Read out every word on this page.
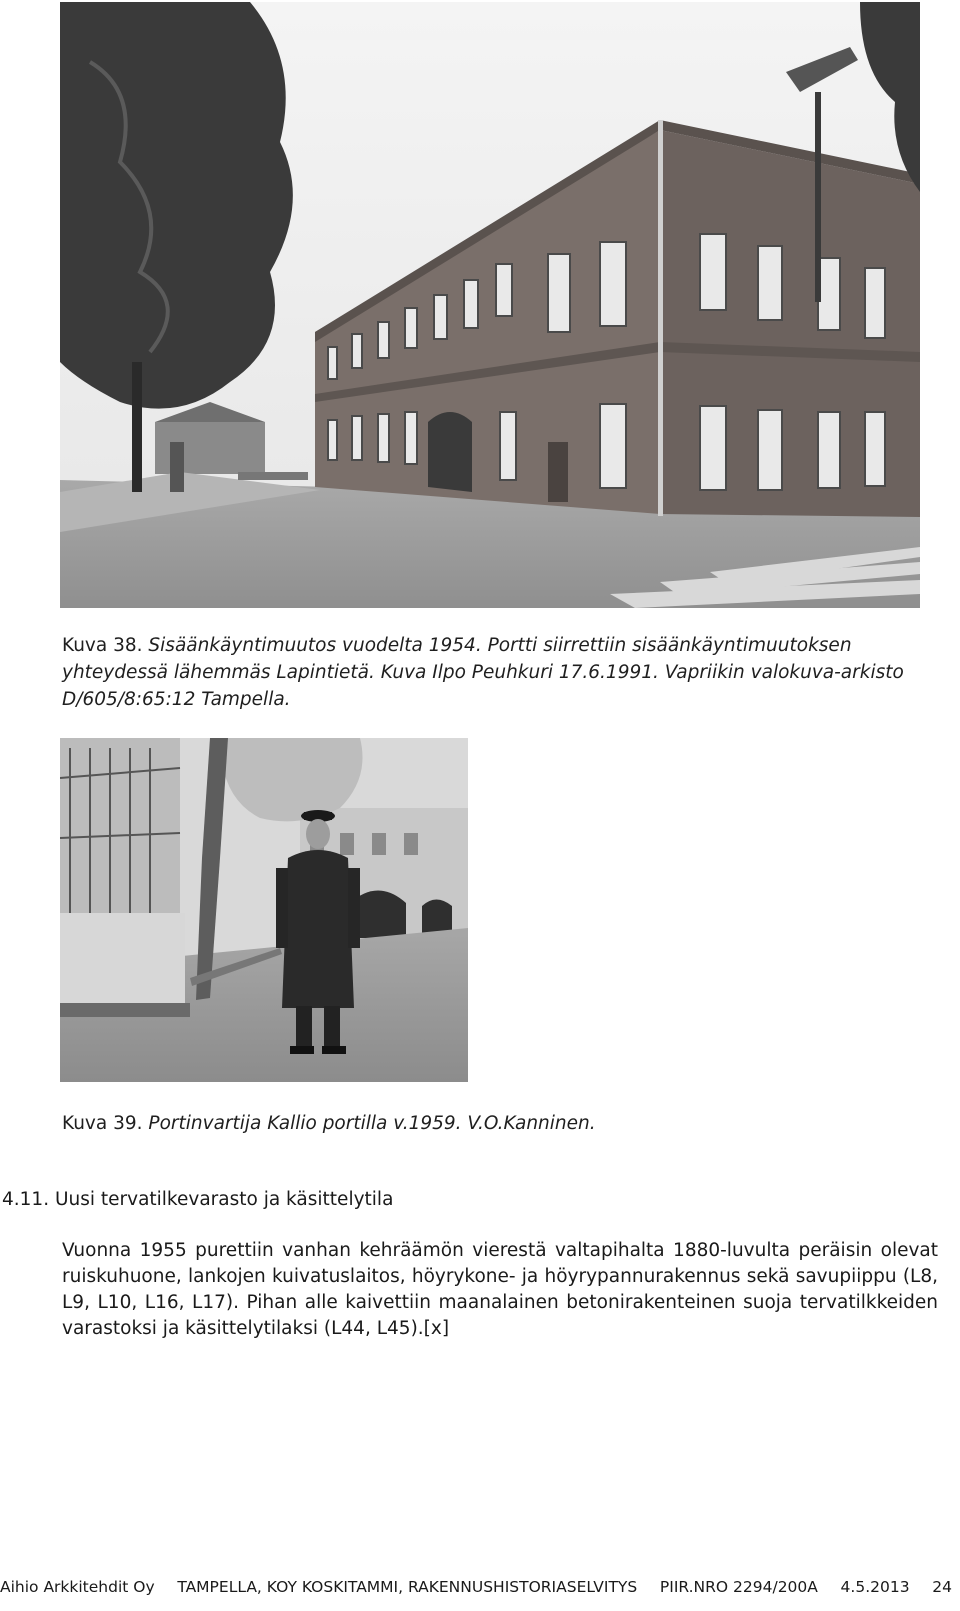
Kuva 38. Sisäänkäyntimuutos vuodelta 1954. Portti siirrettiin sisäänkäyntimuutoksen yhteydessä lähemmäs Lapintietä. Kuva Ilpo Peuhkuri 17.6.1991. Vapriikin valokuva-arkisto D/605/8:65:12 Tampella.
Kuva 39. Portinvartija Kallio portilla v.1959. V.O.Kanninen.
4.11. Uusi tervatilkevarasto ja käsittelytila
Vuonna 1955 purettiin vanhan kehräämön vierestä valtapihalta 1880-luvulta peräisin olevat ruiskuhuone, lankojen kuivatuslaitos, höyrykone- ja höyrypannurakennus sekä savupiippu (L8, L9, L10, L16, L17). Pihan alle kaivettiin maanalainen betonirakenteinen suoja tervatilkkeiden varastoksi ja käsittelytilaksi (L44, L45).[x]
Aihio Arkkitehdit Oy TAMPELLA, KOY KOSKITAMMI, RAKENNUSHISTORIASELVITYS PIIR.NRO 2294/200A 4.5.2013 24
